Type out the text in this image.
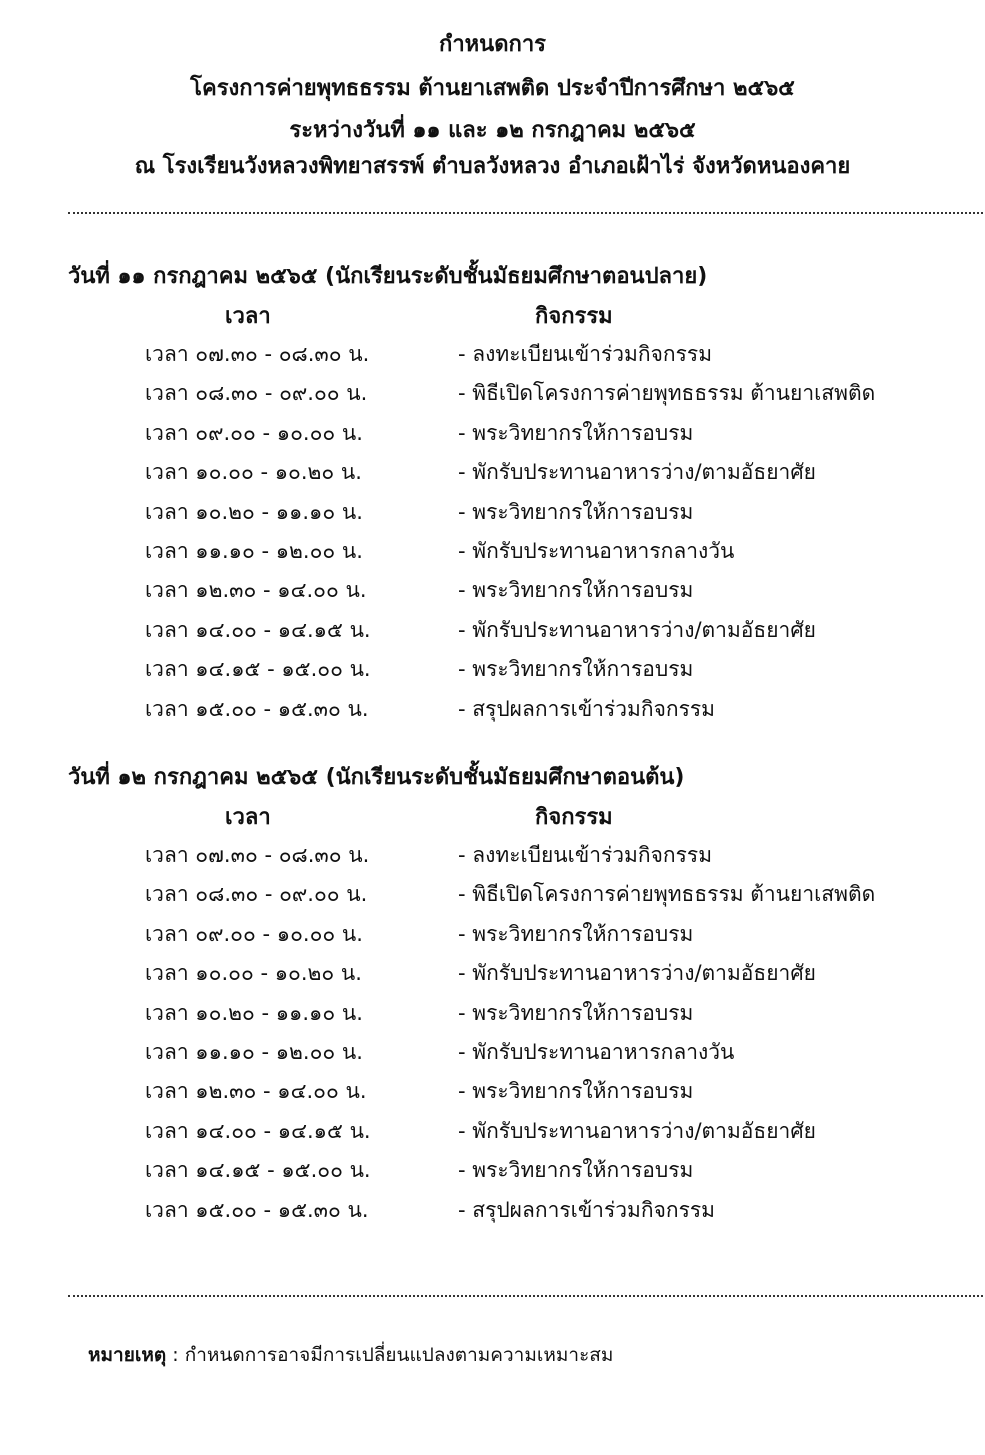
กำหนดการ
โครงการค่ายพุทธธรรม ต้านยาเสพติด ประจำปีการศึกษา ๒๕๖๕
ระหว่างวันที่ ๑๑ และ ๑๒ กรกฎาคม ๒๕๖๕
ณ โรงเรียนวังหลวงพิทยาสรรพ์ ตำบลวังหลวง อำเภอเฝ้าไร่ จังหวัดหนองคาย
วันที่ ๑๑ กรกฎาคม ๒๕๖๕ (นักเรียนระดับชั้นมัธยมศึกษาตอนปลาย)
เวลา	กิจกรรม
เวลา ๐๗.๓๐ - ๐๘.๓๐ น.	- ลงทะเบียนเข้าร่วมกิจกรรม
เวลา ๐๘.๓๐ - ๐๙.๐๐ น.	- พิธีเปิดโครงการค่ายพุทธธรรม ต้านยาเสพติด
เวลา ๐๙.๐๐ - ๑๐.๐๐ น.	- พระวิทยากรให้การอบรม
เวลา ๑๐.๐๐ - ๑๐.๒๐ น.	- พักรับประทานอาหารว่าง/ตามอัธยาศัย
เวลา ๑๐.๒๐ - ๑๑.๑๐ น.	- พระวิทยากรให้การอบรม
เวลา ๑๑.๑๐ - ๑๒.๐๐ น.	- พักรับประทานอาหารกลางวัน
เวลา ๑๒.๓๐ - ๑๔.๐๐ น.	- พระวิทยากรให้การอบรม
เวลา ๑๔.๐๐ - ๑๔.๑๕ น.	- พักรับประทานอาหารว่าง/ตามอัธยาศัย
เวลา ๑๔.๑๕ - ๑๕.๐๐ น.	- พระวิทยากรให้การอบรม
เวลา ๑๕.๐๐ - ๑๕.๓๐ น.	- สรุปผลการเข้าร่วมกิจกรรม
วันที่ ๑๒ กรกฎาคม ๒๕๖๕ (นักเรียนระดับชั้นมัธยมศึกษาตอนต้น)
เวลา	กิจกรรม
เวลา ๐๗.๓๐ - ๐๘.๓๐ น.	- ลงทะเบียนเข้าร่วมกิจกรรม
เวลา ๐๘.๓๐ - ๐๙.๐๐ น.	- พิธีเปิดโครงการค่ายพุทธธรรม ต้านยาเสพติด
เวลา ๐๙.๐๐ - ๑๐.๐๐ น.	- พระวิทยากรให้การอบรม
เวลา ๑๐.๐๐ - ๑๐.๒๐ น.	- พักรับประทานอาหารว่าง/ตามอัธยาศัย
เวลา ๑๐.๒๐ - ๑๑.๑๐ น.	- พระวิทยากรให้การอบรม
เวลา ๑๑.๑๐ - ๑๒.๐๐ น.	- พักรับประทานอาหารกลางวัน
เวลา ๑๒.๓๐ - ๑๔.๐๐ น.	- พระวิทยากรให้การอบรม
เวลา ๑๔.๐๐ - ๑๔.๑๕ น.	- พักรับประทานอาหารว่าง/ตามอัธยาศัย
เวลา ๑๔.๑๕ - ๑๕.๐๐ น.	- พระวิทยากรให้การอบรม
เวลา ๑๕.๐๐ - ๑๕.๓๐ น.	- สรุปผลการเข้าร่วมกิจกรรม
หมายเหตุ : กำหนดการอาจมีการเปลี่ยนแปลงตามความเหมาะสม
